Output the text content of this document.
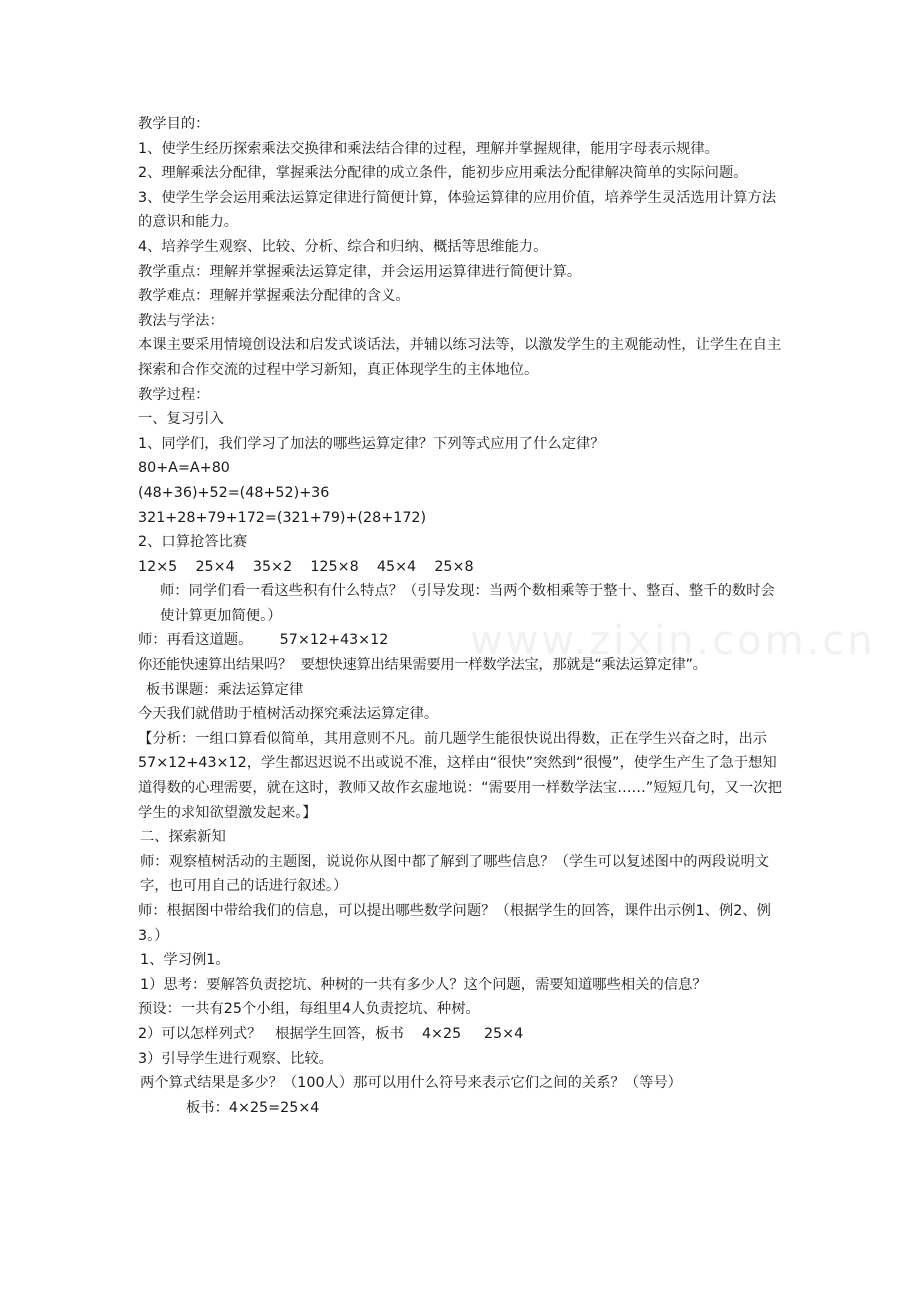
教学目的：

1、使学生经历探索乘法交换律和乘法结合律的过程，理解并掌握规律，能用字母表示规律。

2、理解乘法分配律，掌握乘法分配律的成立条件，能初步应用乘法分配律解决简单的实际问题。

3、使学生学会运用乘法运算定律进行简便计算，体验运算律的应用价值，培养学生灵活选用计算方法的意识和能力。

4、培养学生观察、比较、分析、综合和归纳、概括等思维能力。

教学重点：理解并掌握乘法运算定律，并会运用运算律进行简便计算。

教学难点：理解并掌握乘法分配律的含义。

教法与学法：

本课主要采用情境创设法和启发式谈话法，并辅以练习法等，以激发学生的主观能动性，让学生在自主探索和合作交流的过程中学习新知，真正体现学生的主体地位。

教学过程：

一、复习引入

1、同学们，我们学习了加法的哪些运算定律？下列等式应用了什么定律？

80+A=A+80

(48+36)+52=(48+52)+36

321+28+79+172=(321+79)+(28+172)

2、口算抢答比赛

12×5    25×4    35×2    125×8    45×4    25×8

师：同学们看一看这些积有什么特点？（引导发现：当两个数相乘等于整十、整百、整千的数时会使计算更加简便。）

师：再看这道题。      57×12+43×12

你还能快速算出结果吗？  要想快速算出结果需要用一样数学法宝，那就是“乘法运算定律”。

板书课题：乘法运算定律

今天我们就借助于植树活动探究乘法运算定律。

【分析：一组口算看似简单，其用意则不凡。前几题学生能很快说出得数，正在学生兴奋之时，出示57×12+43×12，学生都迟迟说不出或说不准，这样由“很快”突然到“很慢”，使学生产生了急于想知道得数的心理需要，就在这时，教师又故作玄虚地说：“需要用一样数学法宝……”短短几句，又一次把学生的求知欲望激发起来。】

二、探索新知

师：观察植树活动的主题图，说说你从图中都了解到了哪些信息？（学生可以复述图中的两段说明文字，也可用自己的话进行叙述。）

师：根据图中带给我们的信息，可以提出哪些数学问题？（根据学生的回答，课件出示例1、例2、例3。）

1、学习例1。

1）思考：要解答负责挖坑、种树的一共有多少人？这个问题，需要知道哪些相关的信息？

预设：一共有25个小组，每组里4人负责挖坑、种树。

2）可以怎样列式？   根据学生回答，板书    4×25     25×4

3）引导学生进行观察、比较。

两个算式结果是多少？（100人）那可以用什么符号来表示它们之间的关系？（等号）

板书：4×25=25×4

www.zixin.com.cn
